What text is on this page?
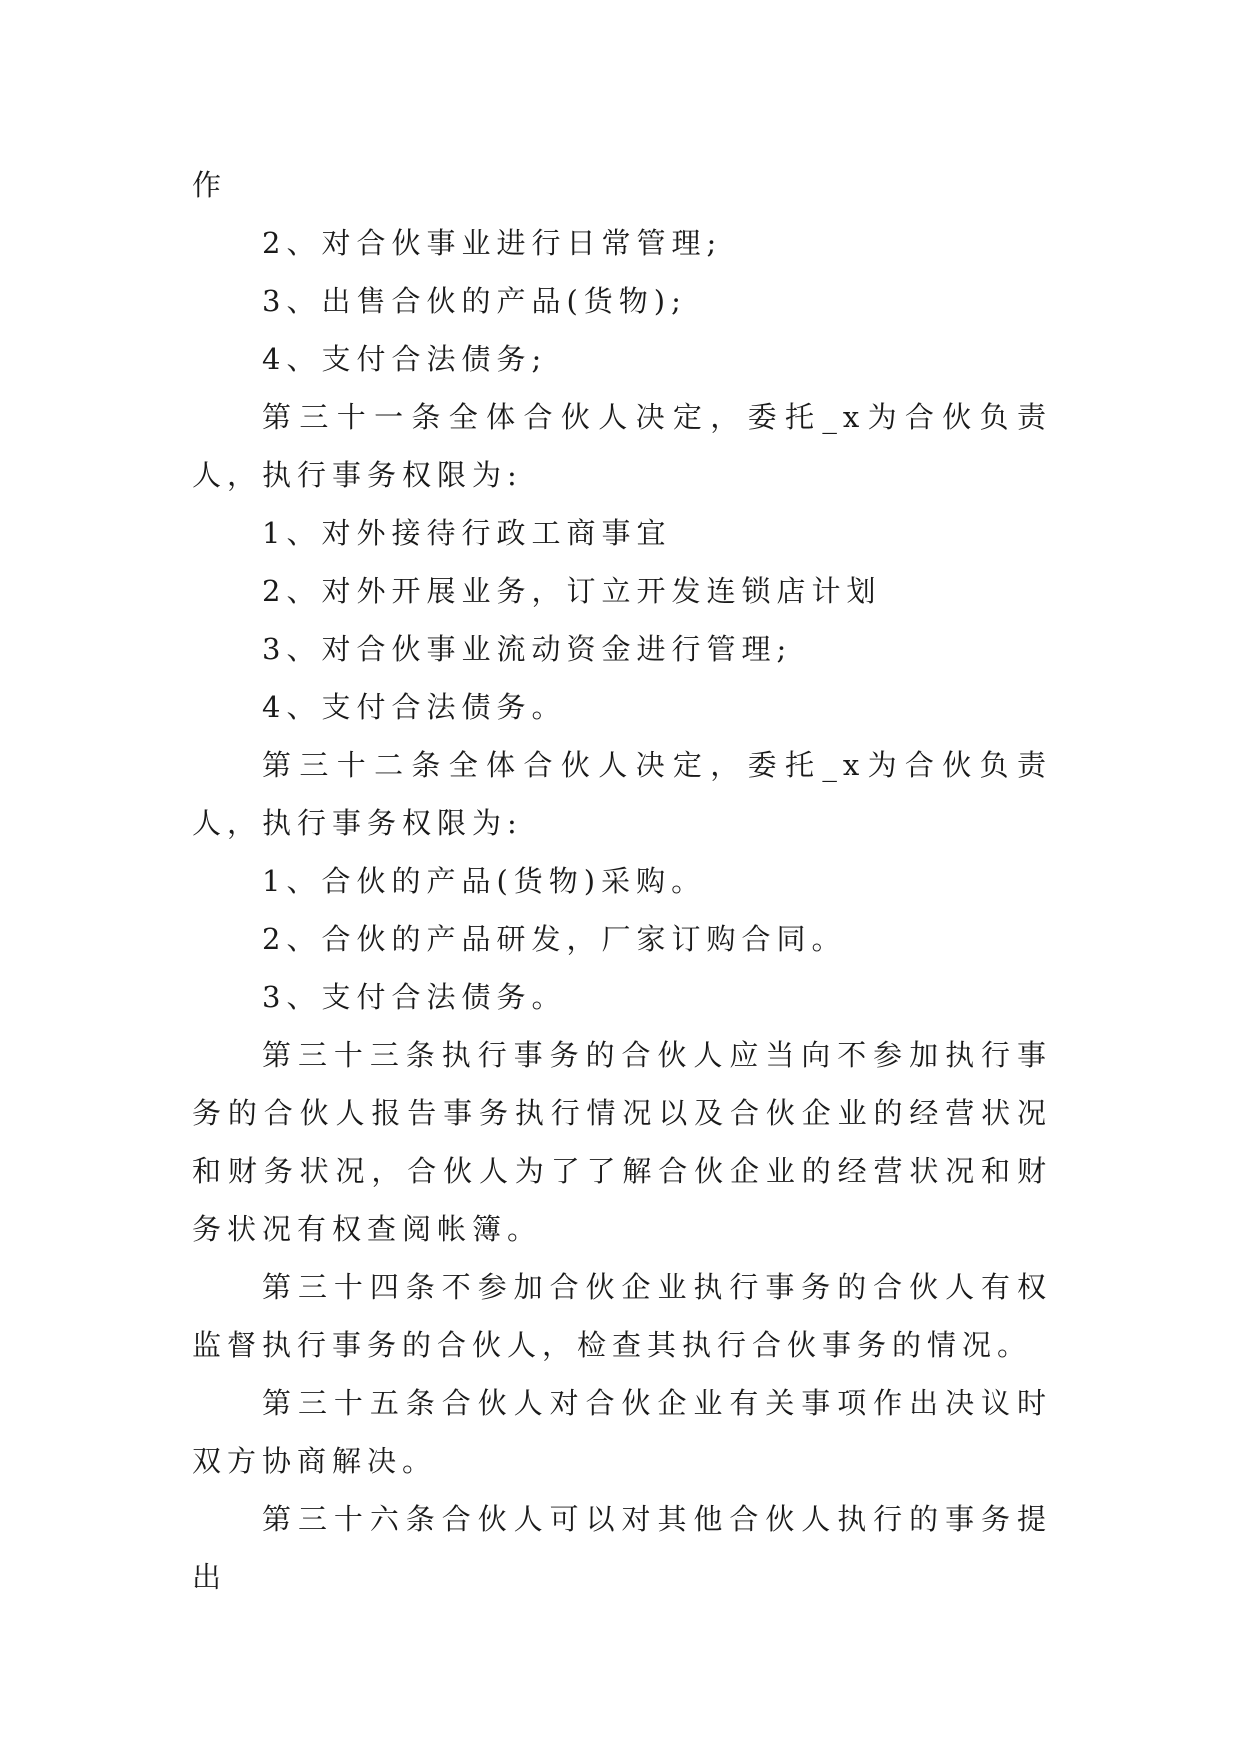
作

2、对合伙事业进行日常管理;

3、出售合伙的产品(货物);

4、支付合法债务;

第三十一条全体合伙人决定，委托_x为合伙负责人，执行事务权限为:

1、对外接待行政工商事宜

2、对外开展业务，订立开发连锁店计划

3、对合伙事业流动资金进行管理;

4、支付合法债务。

第三十二条全体合伙人决定，委托_x为合伙负责人，执行事务权限为:

1、合伙的产品(货物)采购。

2、合伙的产品研发，厂家订购合同。

3、支付合法债务。

第三十三条执行事务的合伙人应当向不参加执行事务的合伙人报告事务执行情况以及合伙企业的经营状况和财务状况，合伙人为了了解合伙企业的经营状况和财务状况有权查阅帐簿。

第三十四条不参加合伙企业执行事务的合伙人有权监督执行事务的合伙人，检查其执行合伙事务的情况。

第三十五条合伙人对合伙企业有关事项作出决议时双方协商解决。

第三十六条合伙人可以对其他合伙人执行的事务提出
